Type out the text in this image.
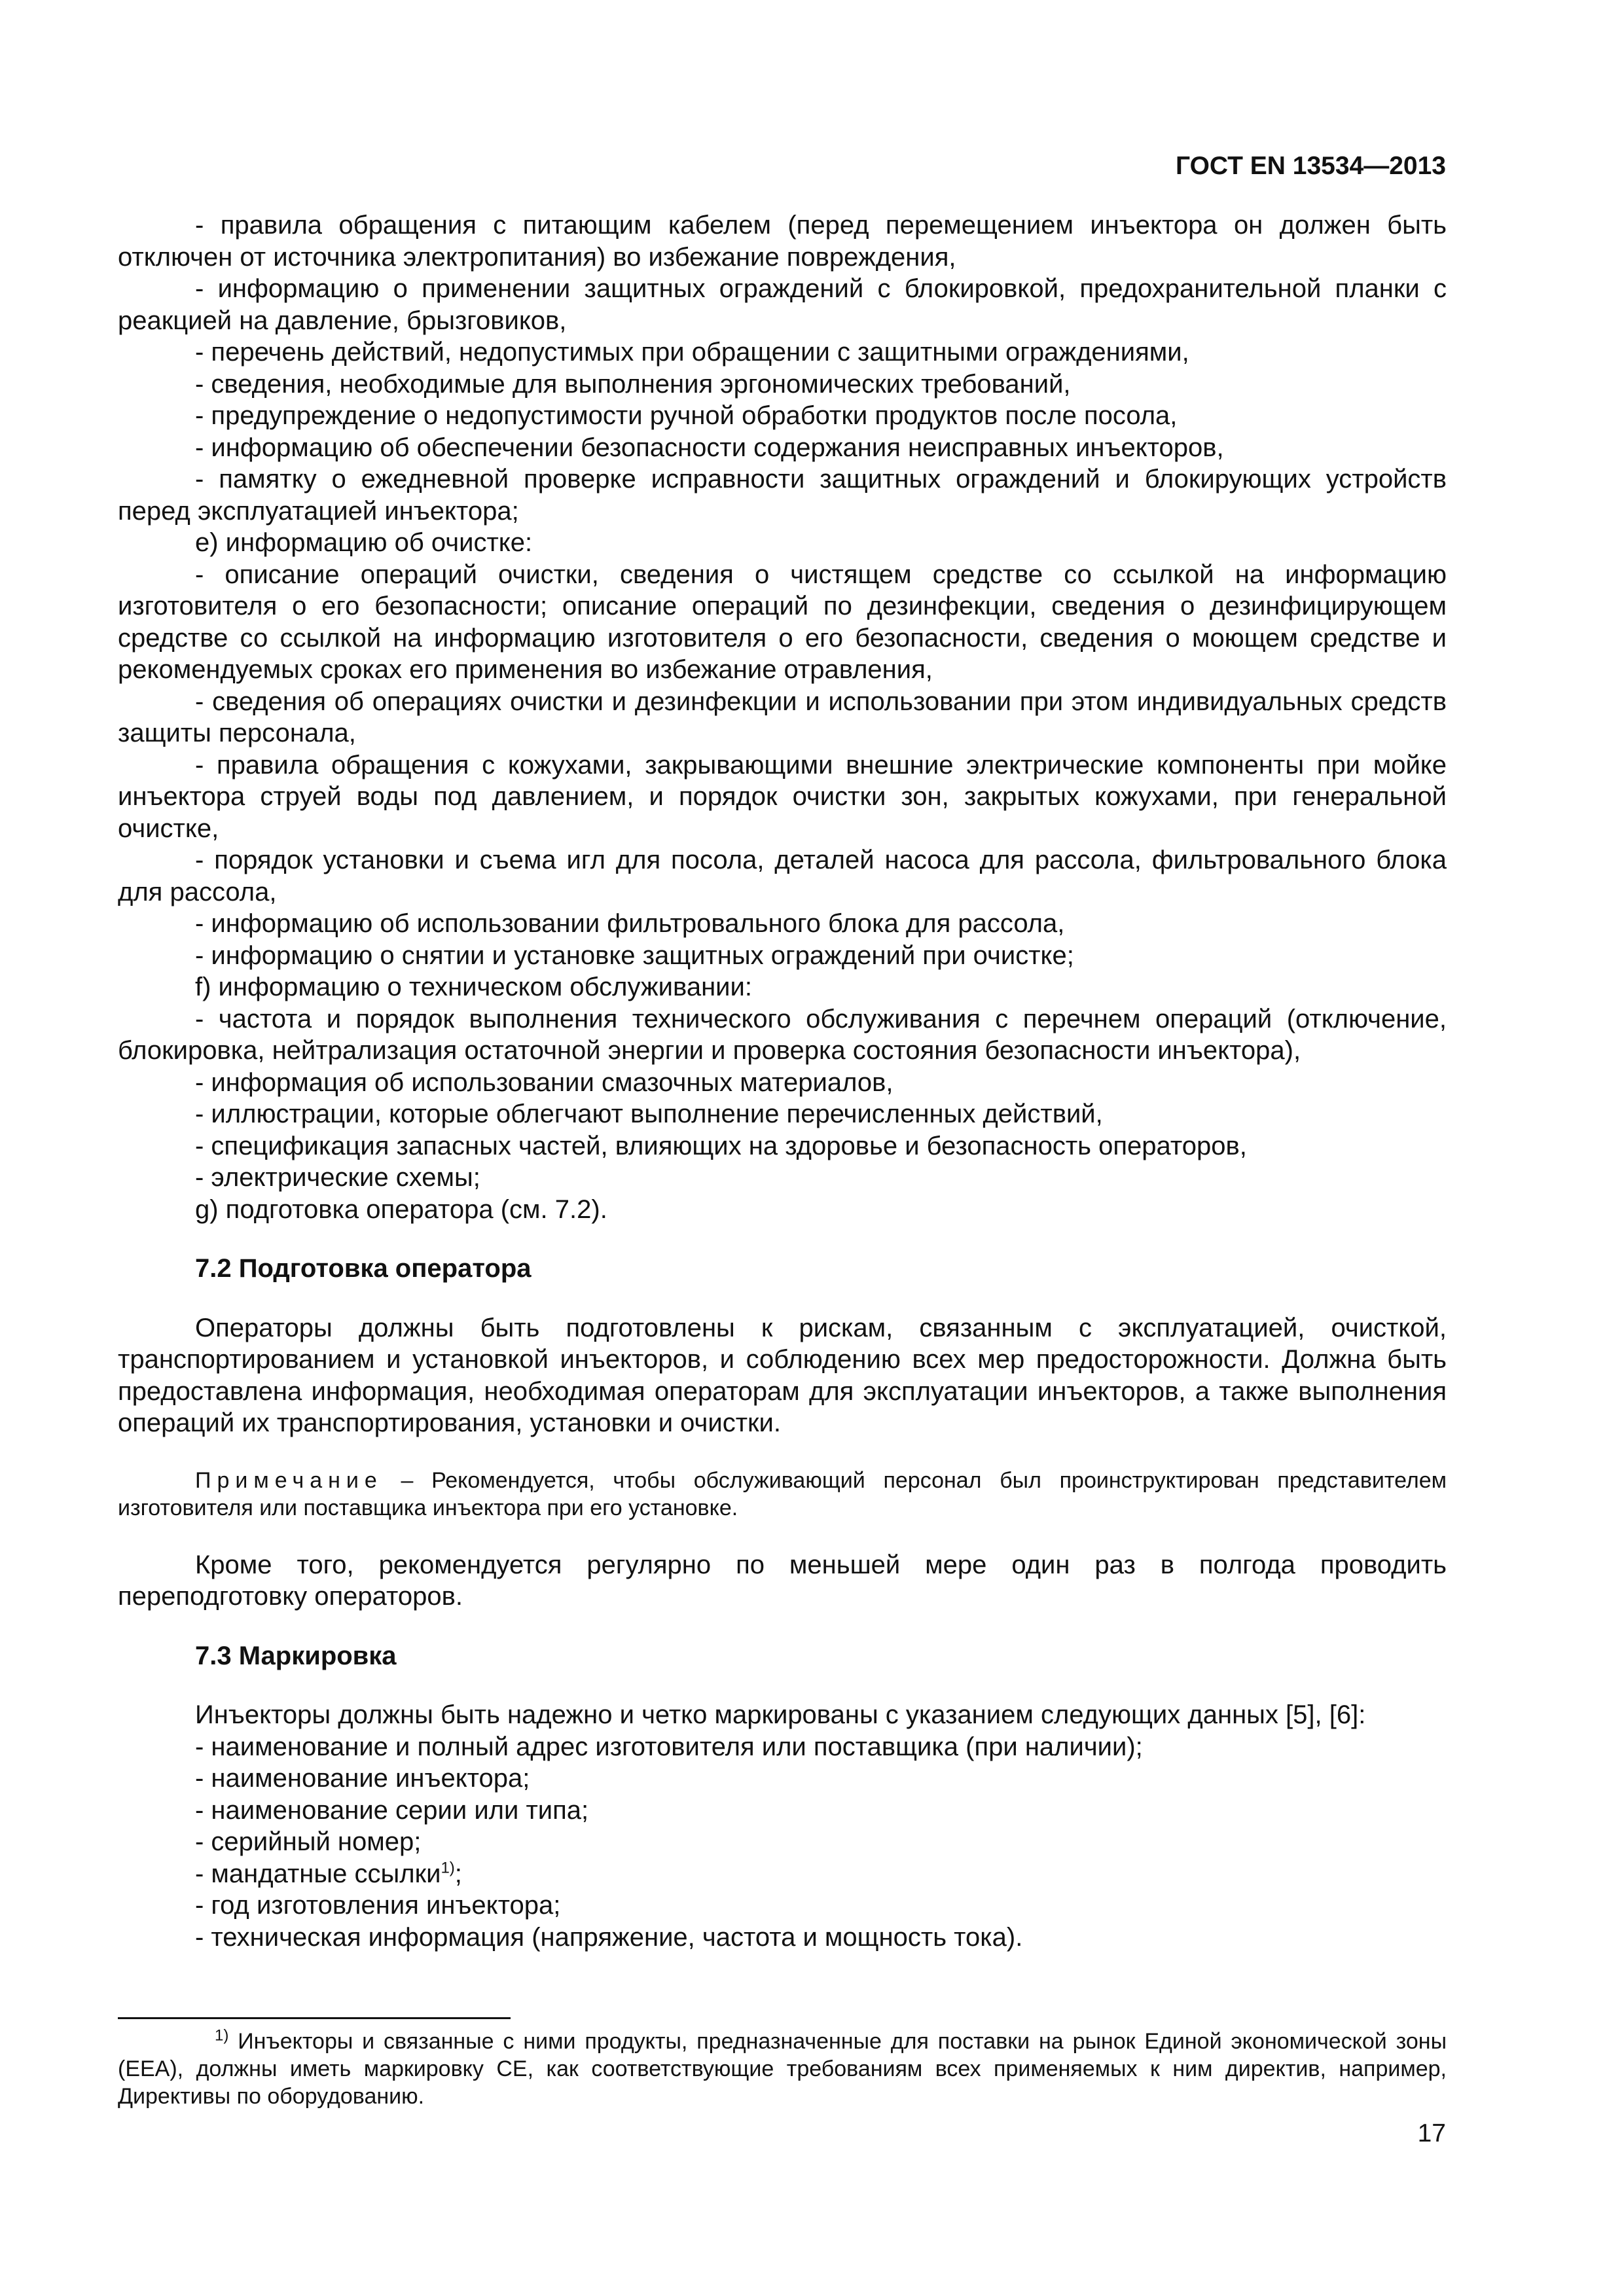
ГОСТ EN 13534—2013

- правила обращения с питающим кабелем (перед перемещением инъектора он должен быть отключен от источника электропитания) во избежание повреждения,

- информацию о применении защитных ограждений с блокировкой, предохранительной планки с реакцией на давление, брызговиков,

- перечень действий, недопустимых при обращении с защитными ограждениями,

- сведения, необходимые для выполнения эргономических требований,

- предупреждение о недопустимости ручной обработки продуктов после посола,

- информацию об обеспечении безопасности содержания неисправных инъекторов,

- памятку о ежедневной проверке исправности защитных ограждений и блокирующих устройств перед эксплуатацией инъектора;

e) информацию об очистке:

- описание операций очистки, сведения о чистящем средстве со ссылкой на информацию изготовителя о его безопасности; описание операций по дезинфекции, сведения о дезинфицирующем средстве со ссылкой на информацию изготовителя о его безопасности, сведения о моющем средстве и рекомендуемых сроках его применения во избежание отравления,

- сведения об операциях очистки и дезинфекции и использовании при этом индивидуальных средств защиты персонала,

- правила обращения с кожухами, закрывающими внешние электрические компоненты при мойке инъектора струей воды под давлением, и порядок очистки зон, закрытых кожухами, при генеральной очистке,

- порядок установки и съема игл для посола, деталей насоса для рассола, фильтровального блока для рассола,

- информацию об использовании фильтровального блока для рассола,

- информацию о снятии и установке защитных ограждений при очистке;

f) информацию о техническом обслуживании:

- частота и порядок выполнения технического обслуживания с перечнем операций (отключение, блокировка, нейтрализация остаточной энергии и проверка состояния безопасности инъектора),

- информация об использовании смазочных материалов,

- иллюстрации, которые облегчают выполнение перечисленных действий,

- спецификация запасных частей, влияющих на здоровье и безопасность операторов,

- электрические схемы;

g) подготовка оператора (см. 7.2).

7.2 Подготовка оператора

Операторы должны быть подготовлены к рискам, связанным с эксплуатацией, очисткой, транспортированием и установкой инъекторов, и соблюдению всех мер предосторожности. Должна быть предоставлена информация, необходимая операторам для эксплуатации инъекторов, а также выполнения операций их транспортирования, установки и очистки.

Примечание – Рекомендуется, чтобы обслуживающий персонал был проинструктирован представителем изготовителя или поставщика инъектора при его установке.

Кроме того, рекомендуется регулярно по меньшей мере один раз в полгода проводить переподготовку операторов.

7.3 Маркировка

Инъекторы должны быть надежно и четко маркированы с указанием следующих данных [5], [6]:

- наименование и полный адрес изготовителя или поставщика (при наличии);

- наименование инъектора;

- наименование серии или типа;

- серийный номер;

- мандатные ссылки$^{1)}$;

- год изготовления инъектора;

- техническая информация (напряжение, частота и мощность тока).

$^{1)}$ Инъекторы и связанные с ними продукты, предназначенные для поставки на рынок Единой экономической зоны (ЕЕА), должны иметь маркировку СЕ, как соответствующие требованиям всех применяемых к ним директив, например, Директивы по оборудованию.

17
